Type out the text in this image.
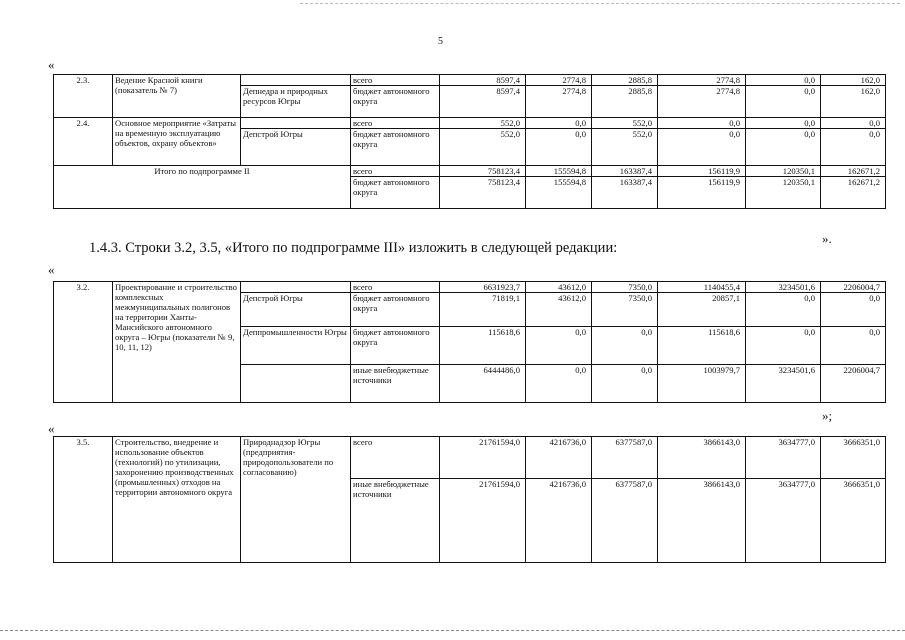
5
«
2.3.	Ведение Красной книги (показатель № 7)		всего	8597,4	2774,8	2885,8	2774,8	0,0	162,0
		Депнедра и природных ресурсов Югры	бюджет автономного округа	8597,4	2774,8	2885,8	2774,8	0,0	162,0
2.4.	Основное мероприятие «Затраты на временную эксплуатацию объектов, охрану объектов»		всего	552,0	0,0	552,0	0,0	0,0	0,0
		Депстрой Югры	бюджет автономного округа	552,0	0,0	552,0	0,0	0,0	0,0
Итого по подпрограмме II			всего	758123,4	155594,8	163387,4	156119,9	120350,1	162671,2
			бюджет автономного округа	758123,4	155594,8	163387,4	156119,9	120350,1	162671,2
».
1.4.3. Строки 3.2, 3.5, «Итого по подпрограмме III» изложить в следующей редакции:
«
3.2.	Проектирование и строительство комплексных межмуниципальных полигонов на территории Ханты-Мансийского автономного округа – Югры (показатели № 9, 10, 11, 12)		всего	6631923,7	43612,0	7350,0	1140455,4	3234501,6	2206004,7
		Депстрой Югры	бюджет автономного округа	71819,1	43612,0	7350,0	20857,1	0,0	0,0
		Деппромышленности Югры	бюджет автономного округа	115618,6	0,0	0,0	115618,6	0,0	0,0
			иные внебюджетные источники	6444486,0	0,0	0,0	1003979,7	3234501,6	2206004,7
»;
«
3.5.	Строительство, внедрение и использование объектов (технологий) по утилизации, захоронению производственных (промышленных) отходов на территории автономного округа	Природнадзор Югры (предприятия-природопользователи по согласованию)	всего	21761594,0	4216736,0	6377587,0	3866143,0	3634777,0	3666351,0
			иные внебюджетные источники	21761594,0	4216736,0	6377587,0	3866143,0	3634777,0	3666351,0
